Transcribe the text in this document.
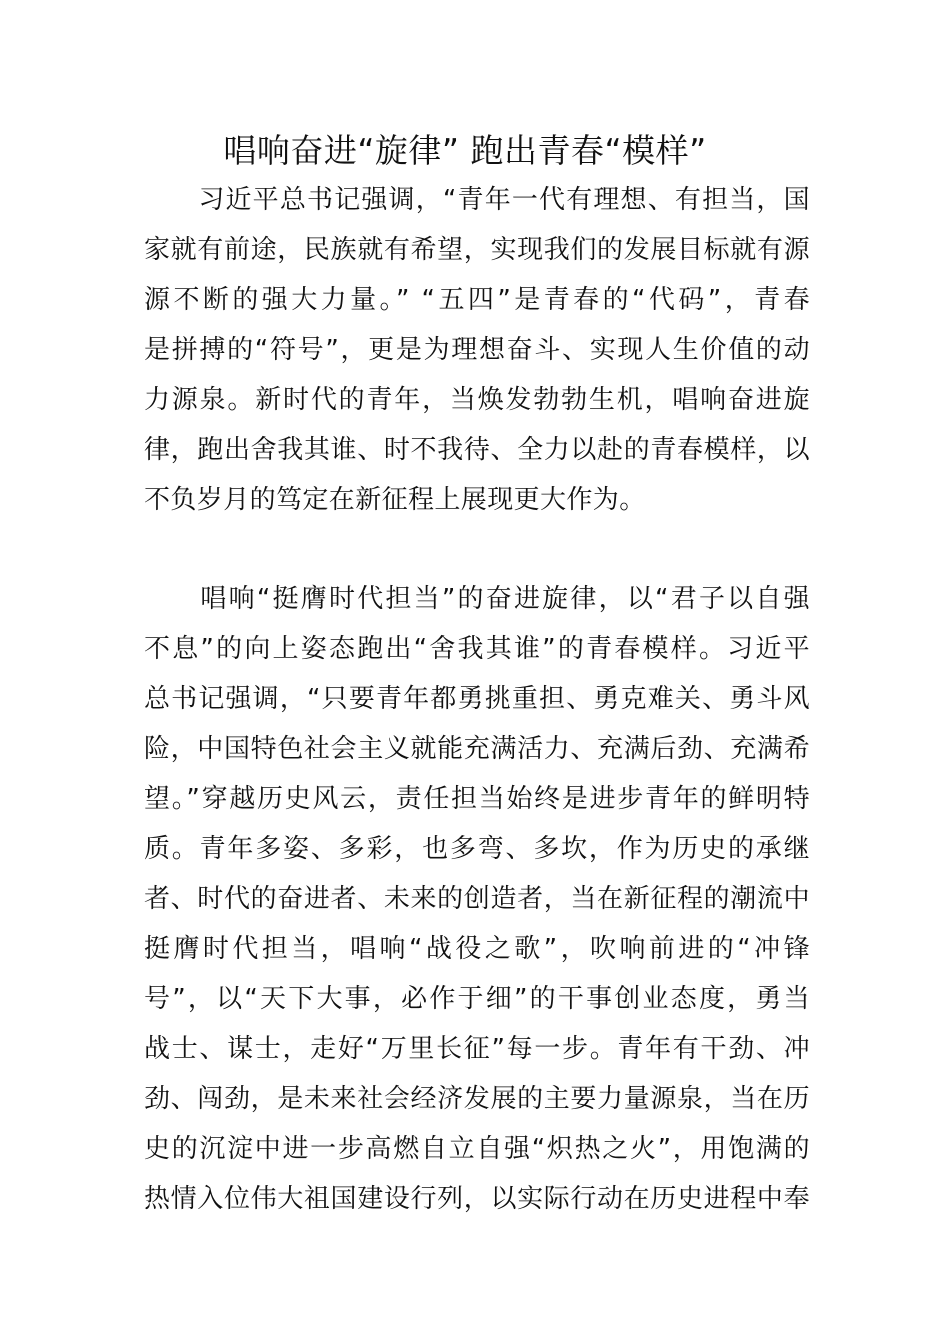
唱响奋进“旋律” 跑出青春“模样”
　　习近平总书记强调，“青年一代有理想、有担当，国
家就有前途，民族就有希望，实现我们的发展目标就有源
源不断的强大力量。” “五四”是青春的“代码”，青春
是拼搏的“符号”，更是为理想奋斗、实现人生价值的动
力源泉。新时代的青年，当焕发勃勃生机，唱响奋进旋
律，跑出舍我其谁、时不我待、全力以赴的青春模样，以
不负岁月的笃定在新征程上展现更大作为。
　　唱响“挺膺时代担当”的奋进旋律，以“君子以自强
不息”的向上姿态跑出“舍我其谁”的青春模样。习近平
总书记强调，“只要青年都勇挑重担、勇克难关、勇斗风
险，中国特色社会主义就能充满活力、充满后劲、充满希
望。”穿越历史风云，责任担当始终是进步青年的鲜明特
质。青年多姿、多彩，也多弯、多坎，作为历史的承继
者、时代的奋进者、未来的创造者，当在新征程的潮流中
挺膺时代担当，唱响“战役之歌”，吹响前进的“冲锋
号”，以“天下大事，必作于细”的干事创业态度，勇当
战士、谋士，走好“万里长征”每一步。青年有干劲、冲
劲、闯劲，是未来社会经济发展的主要力量源泉，当在历
史的沉淀中进一步高燃自立自强“炽热之火”，用饱满的
热情入位伟大祖国建设行列，以实际行动在历史进程中奉
